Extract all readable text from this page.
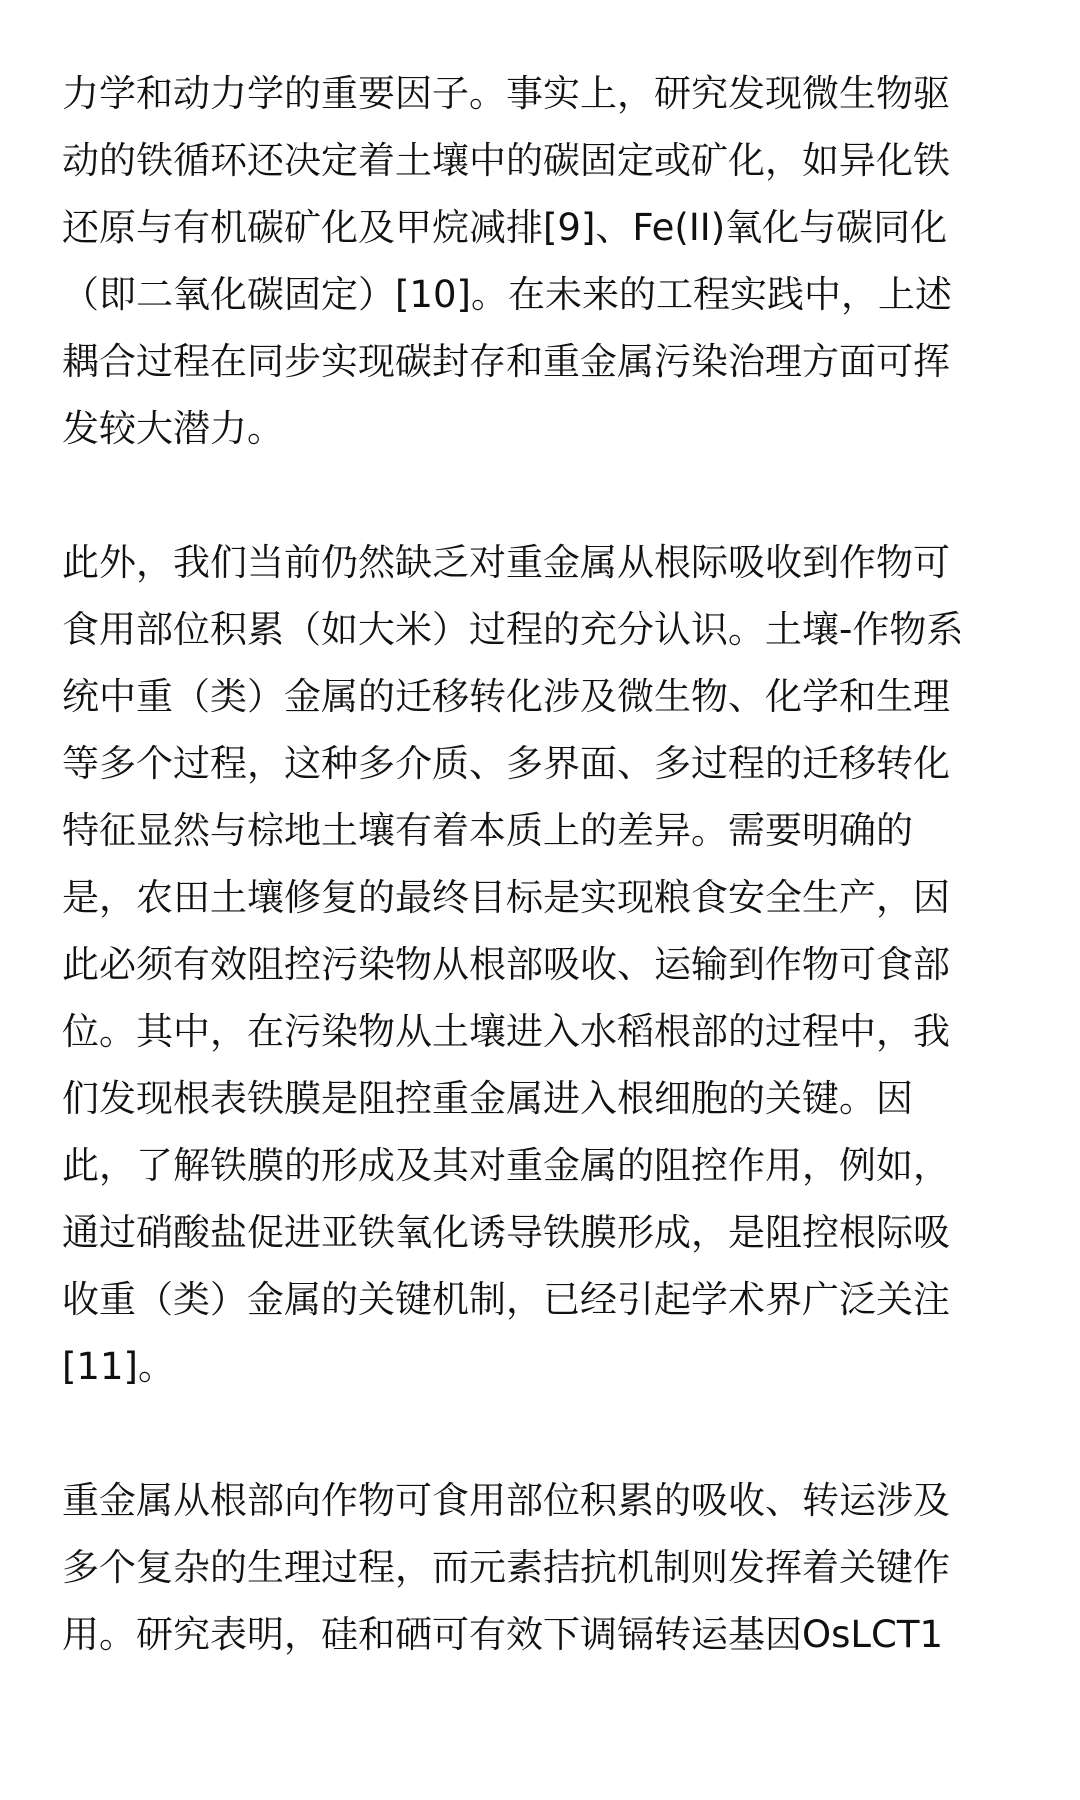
力学和动力学的重要因子。事实上，研究发现微生物驱
动的铁循环还决定着土壤中的碳固定或矿化，如异化铁
还原与有机碳矿化及甲烷减排[9]、Fe(II)氧化与碳同化
（即二氧化碳固定）[10]。在未来的工程实践中，上述
耦合过程在同步实现碳封存和重金属污染治理方面可挥
发较大潜力。

此外，我们当前仍然缺乏对重金属从根际吸收到作物可
食用部位积累（如大米）过程的充分认识。土壤-作物系
统中重（类）金属的迁移转化涉及微生物、化学和生理
等多个过程，这种多介质、多界面、多过程的迁移转化
特征显然与棕地土壤有着本质上的差异。需要明确的
是，农田土壤修复的最终目标是实现粮食安全生产，因
此必须有效阻控污染物从根部吸收、运输到作物可食部
位。其中，在污染物从土壤进入水稻根部的过程中，我
们发现根表铁膜是阻控重金属进入根细胞的关键。因
此，了解铁膜的形成及其对重金属的阻控作用，例如，
通过硝酸盐促进亚铁氧化诱导铁膜形成，是阻控根际吸
收重（类）金属的关键机制，已经引起学术界广泛关注
[11]。

重金属从根部向作物可食用部位积累的吸收、转运涉及
多个复杂的生理过程，而元素拮抗机制则发挥着关键作
用。研究表明，硅和硒可有效下调镉转运基因OsLCT1
